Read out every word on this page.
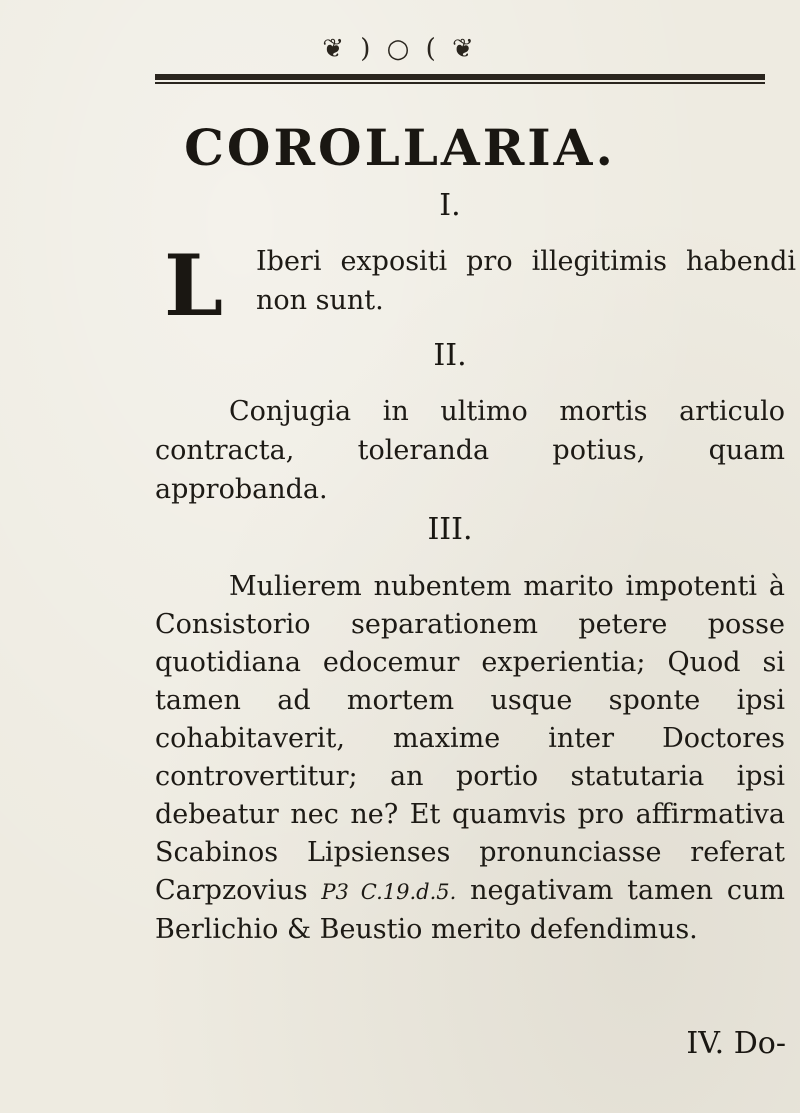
❦ ) ○ ( ❦
COROLLARIA.
I.
L Iberi expositi pro illegitimis habendi non sunt.
II.
Conjugia in ultimo mortis articulo contracta, toleranda potius, quam approbanda.
III.
Mulierem nubentem marito impotenti à Consistorio separationem petere posse quotidiana edocemur experientia; Quod si tamen ad mortem usque sponte ipsi cohabitaverit, maxime inter Doctores controvertitur; an portio statutaria ipsi debeatur nec ne? Et quamvis pro affirmativa Scabinos Lipsienses pronunciasse referat Carpzovius P3 C.19.d.5. negativam tamen cum Berlichio & Beustio merito defendimus.
IV. Do-
